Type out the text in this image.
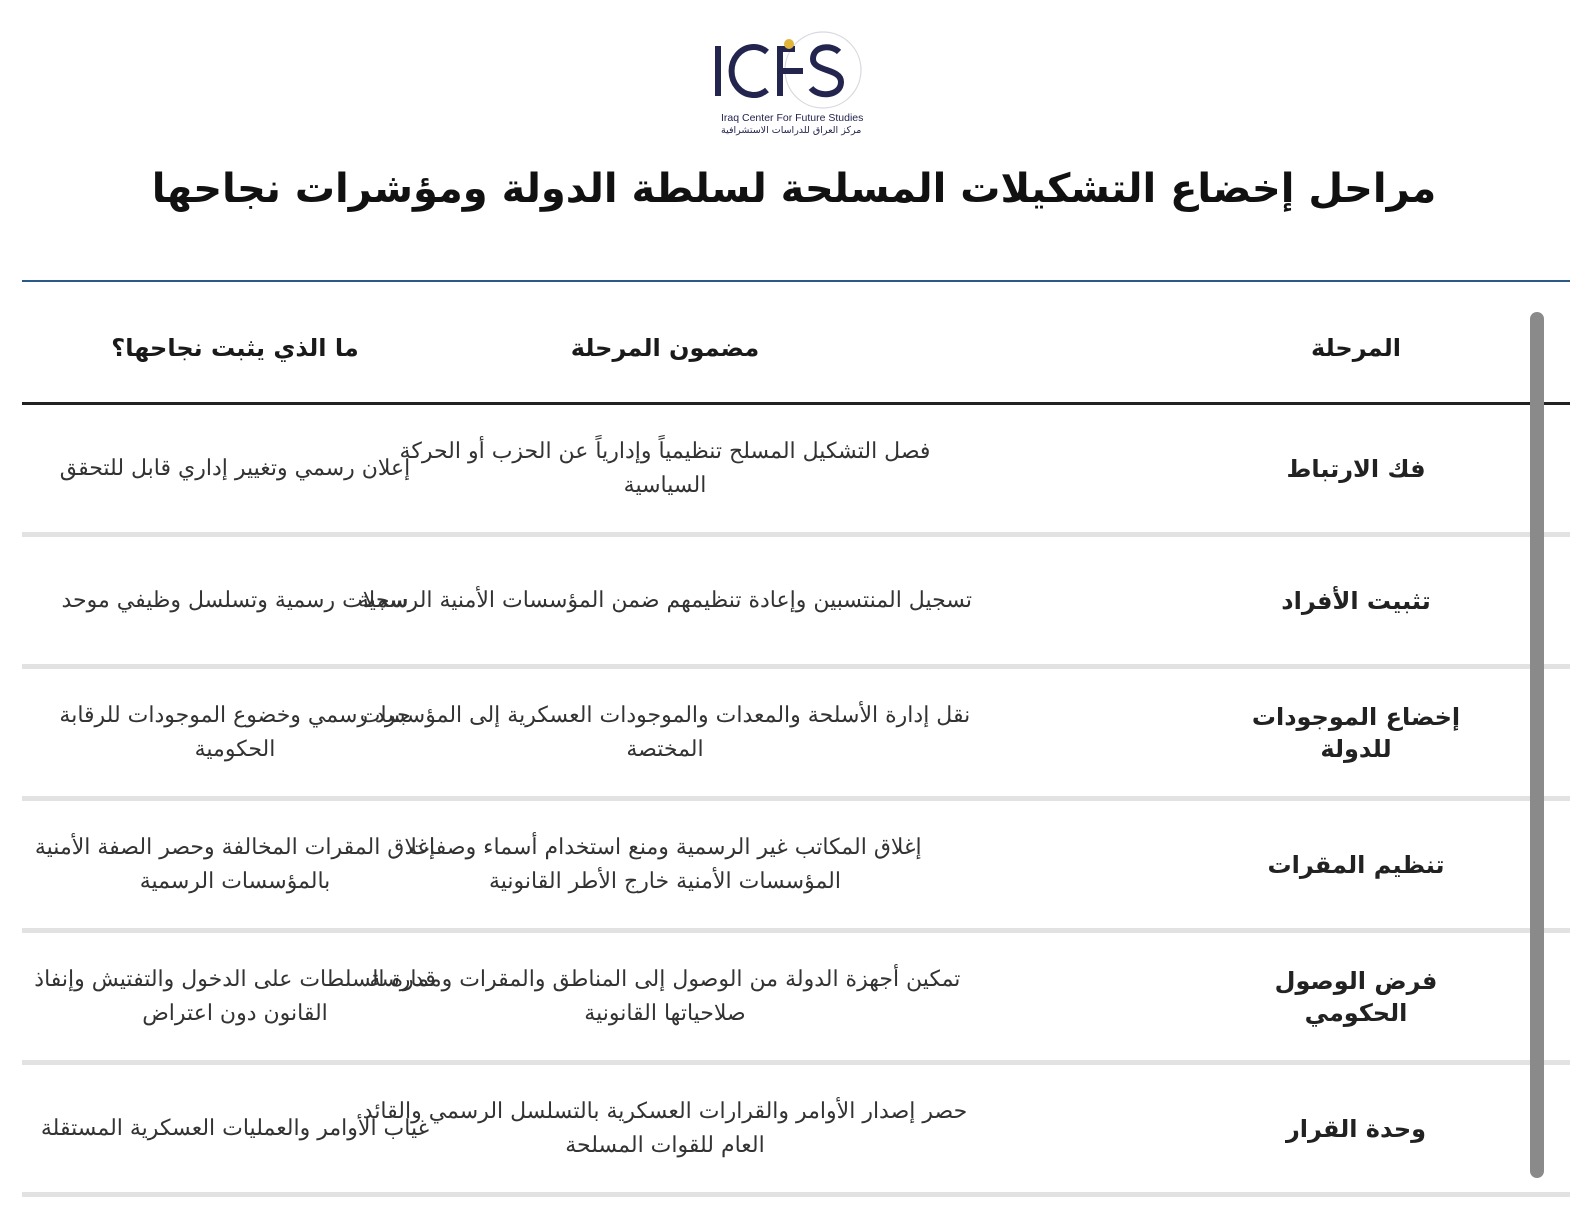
Iraq Center For Future Studies
مركز العراق للدراسات الاستشرافية
مراحل إخضاع التشكيلات المسلحة لسلطة الدولة ومؤشرات نجاحها
المرحلة
مضمون المرحلة
ما الذي يثبت نجاحها؟
فك الارتباط
فصل التشكيل المسلح تنظيمياً وإدارياً عن الحزب أو الحركة السياسية
إعلان رسمي وتغيير إداري قابل للتحقق
تثبيت الأفراد
تسجيل المنتسبين وإعادة تنظيمهم ضمن المؤسسات الأمنية الرسمية
سجلات رسمية وتسلسل وظيفي موحد
إخضاع الموجودات للدولة
نقل إدارة الأسلحة والمعدات والموجودات العسكرية إلى المؤسسات المختصة
جرد رسمي وخضوع الموجودات للرقابة الحكومية
تنظيم المقرات
إغلاق المكاتب غير الرسمية ومنع استخدام أسماء وصفات المؤسسات الأمنية خارج الأطر القانونية
إغلاق المقرات المخالفة وحصر الصفة الأمنية بالمؤسسات الرسمية
فرض الوصول الحكومي
تمكين أجهزة الدولة من الوصول إلى المناطق والمقرات وممارسة صلاحياتها القانونية
قدرة السلطات على الدخول والتفتيش وإنفاذ القانون دون اعتراض
وحدة القرار
حصر إصدار الأوامر والقرارات العسكرية بالتسلسل الرسمي والقائد العام للقوات المسلحة
غياب الأوامر والعمليات العسكرية المستقلة
